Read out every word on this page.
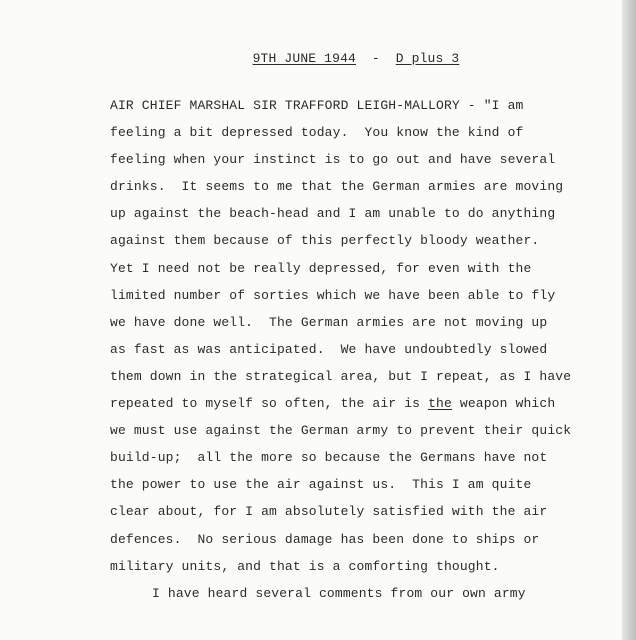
9TH JUNE 1944 - D plus 3
AIR CHIEF MARSHAL SIR TRAFFORD LEIGH-MALLORY - "I am
feeling a bit depressed today.  You know the kind of
feeling when your instinct is to go out and have several
drinks.  It seems to me that the German armies are moving
up against the beach-head and I am unable to do anything
against them because of this perfectly bloody weather.
Yet I need not be really depressed, for even with the
limited number of sorties which we have been able to fly
we have done well.  The German armies are not moving up
as fast as was anticipated.  We have undoubtedly slowed
them down in the strategical area, but I repeat, as I have
repeated to myself so often, the air is the weapon which
we must use against the German army to prevent their quick
build-up;  all the more so because the Germans have not
the power to use the air against us.  This I am quite
clear about, for I am absolutely satisfied with the air
defences.  No serious damage has been done to ships or
military units, and that is a comforting thought.
I have heard several comments from our own army
